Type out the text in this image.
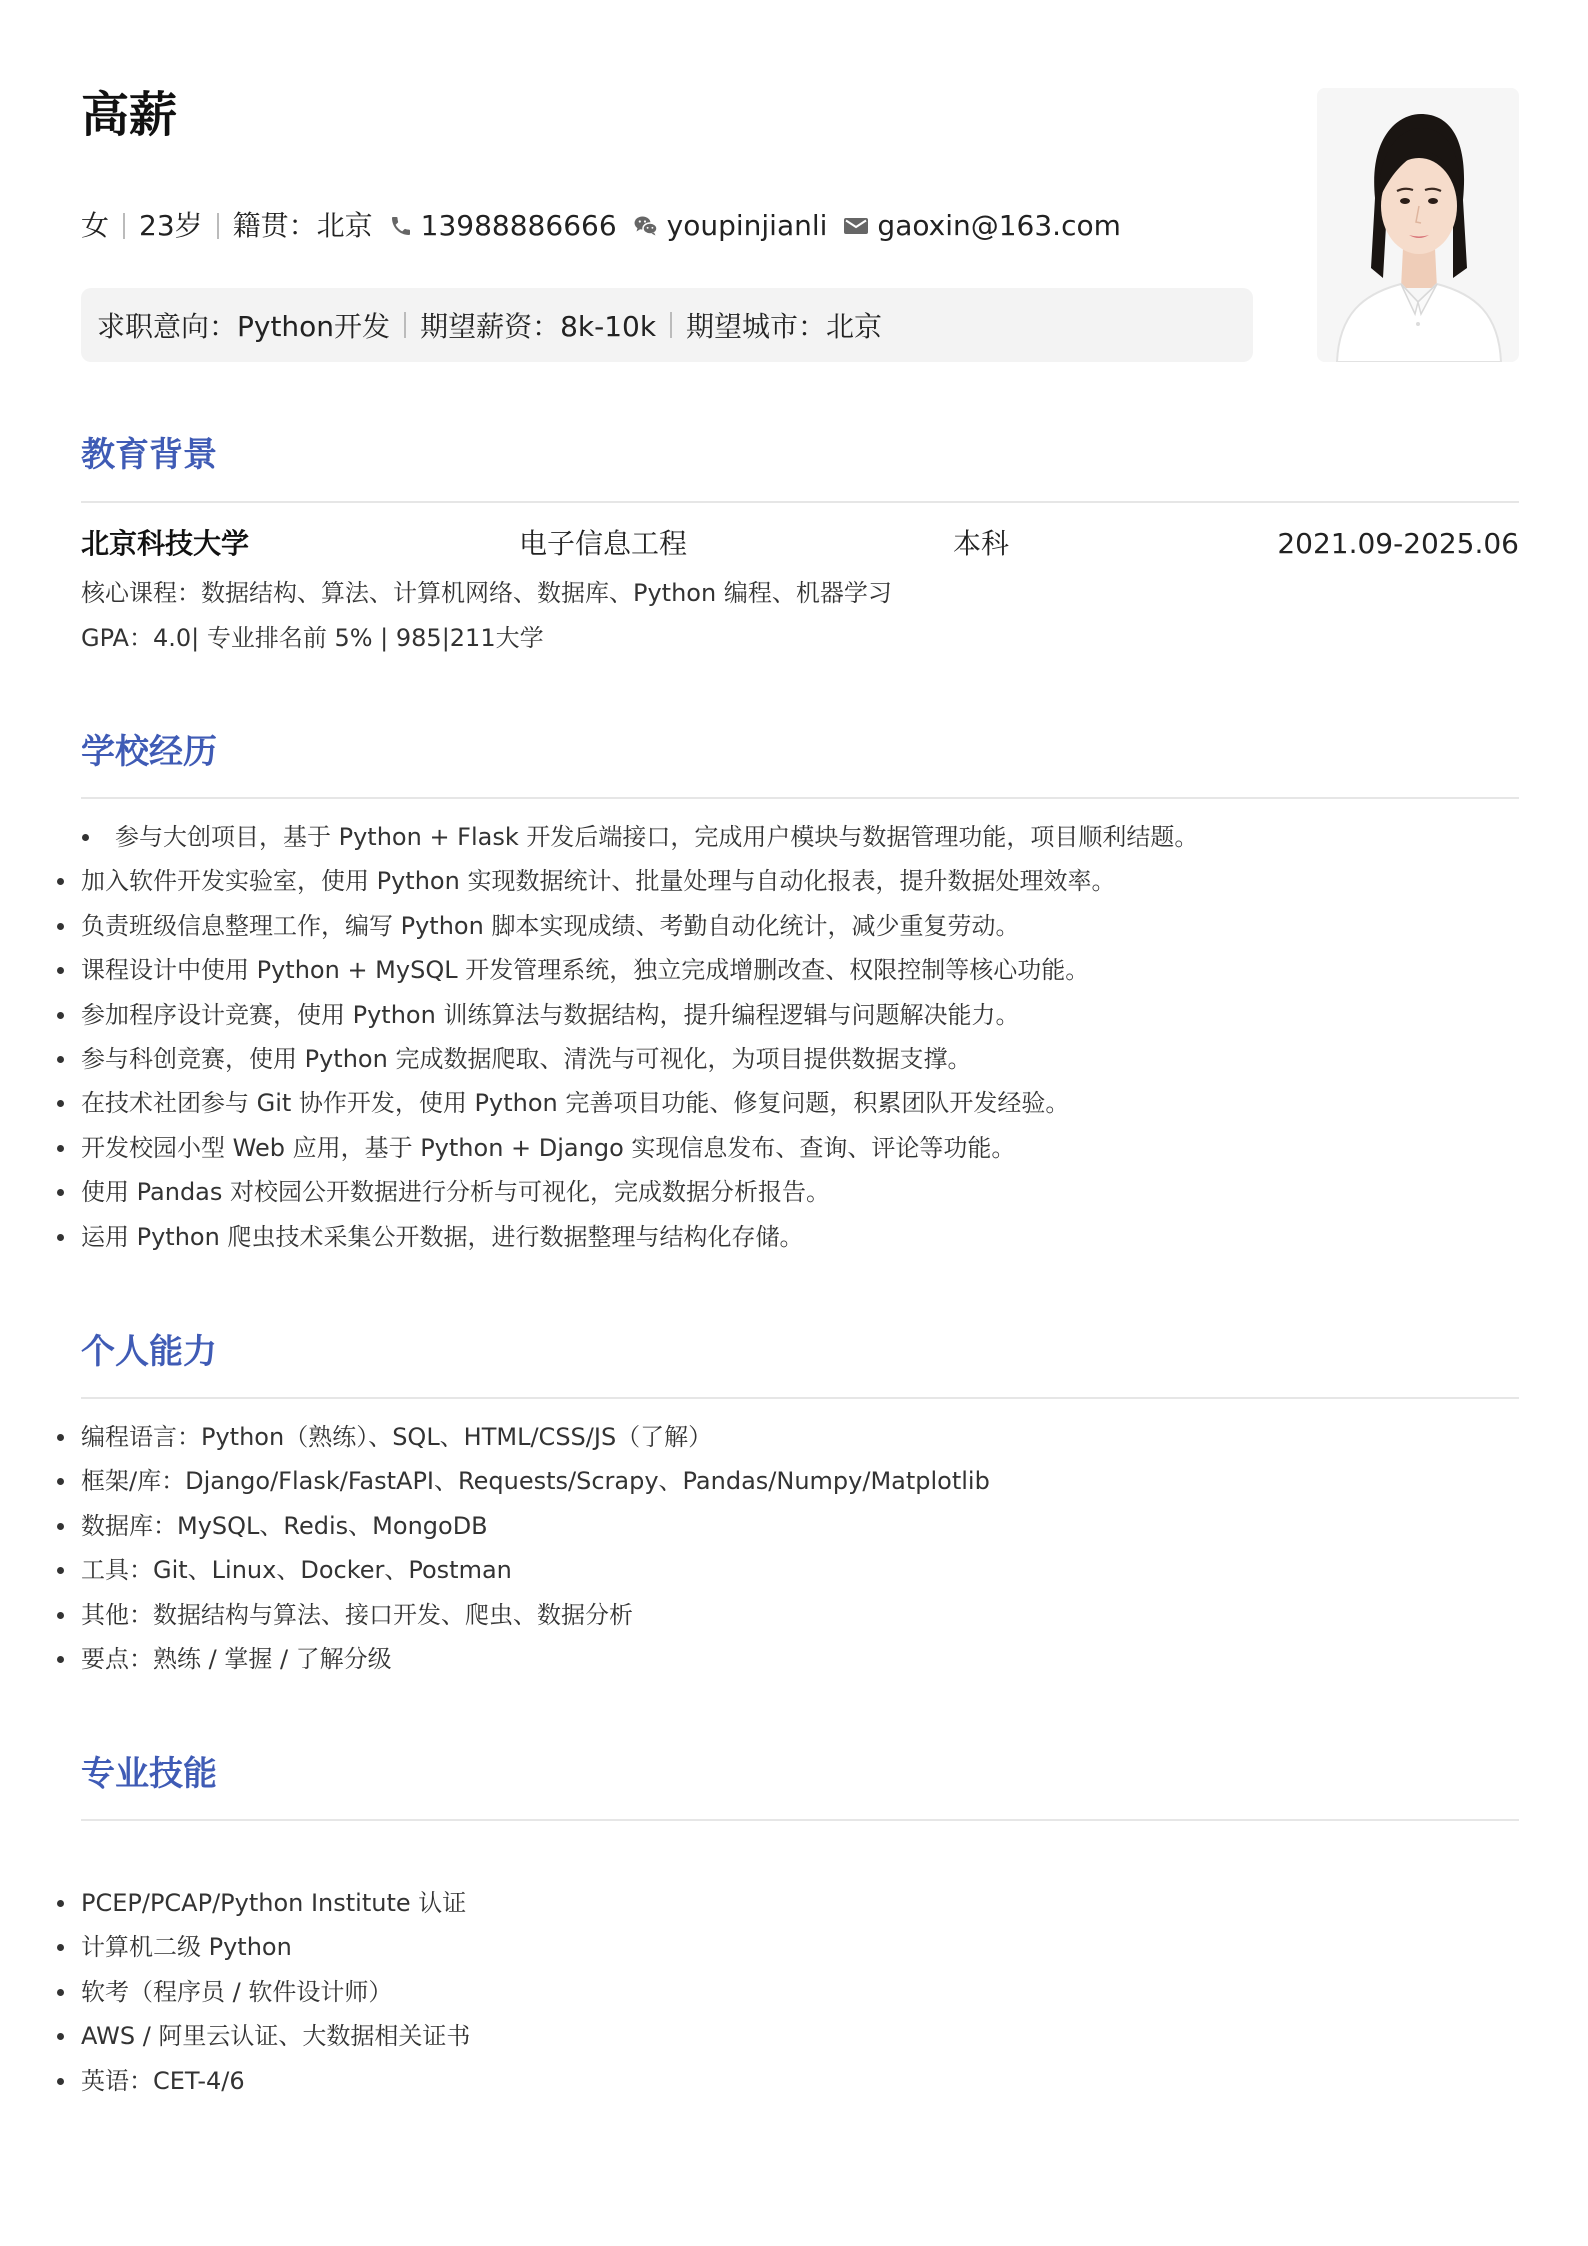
高薪
女 23岁 籍贯：北京 13988886666 youpinjianli gaoxin@163.com
求职意向：Python开发 期望薪资：8k-10k 期望城市：北京
教育背景
北京科技大学	电子信息工程	本科	2021.09-2025.06
核心课程：数据结构、算法、计算机网络、数据库、Python 编程、机器学习
GPA：4.0| 专业排名前 5% | 985|211大学
学校经历
参与大创项目，基于 Python + Flask 开发后端接口，完成用户模块与数据管理功能，项目顺利结题。
加入软件开发实验室，使用 Python 实现数据统计、批量处理与自动化报表，提升数据处理效率。
负责班级信息整理工作，编写 Python 脚本实现成绩、考勤自动化统计，减少重复劳动。
课程设计中使用 Python + MySQL 开发管理系统，独立完成增删改查、权限控制等核心功能。
参加程序设计竞赛，使用 Python 训练算法与数据结构，提升编程逻辑与问题解决能力。
参与科创竞赛，使用 Python 完成数据爬取、清洗与可视化，为项目提供数据支撑。
在技术社团参与 Git 协作开发，使用 Python 完善项目功能、修复问题，积累团队开发经验。
开发校园小型 Web 应用，基于 Python + Django 实现信息发布、查询、评论等功能。
使用 Pandas 对校园公开数据进行分析与可视化，完成数据分析报告。
运用 Python 爬虫技术采集公开数据，进行数据整理与结构化存储。
个人能力
编程语言：Python（熟练）、SQL、HTML/CSS/JS（了解）
框架/库：Django/Flask/FastAPI、Requests/Scrapy、Pandas/Numpy/Matplotlib
数据库：MySQL、Redis、MongoDB
工具：Git、Linux、Docker、Postman
其他：数据结构与算法、接口开发、爬虫、数据分析
要点：熟练 / 掌握 / 了解分级
专业技能
PCEP/PCAP/Python Institute 认证
计算机二级 Python
软考（程序员 / 软件设计师）
AWS / 阿里云认证、大数据相关证书
英语：CET-4/6
